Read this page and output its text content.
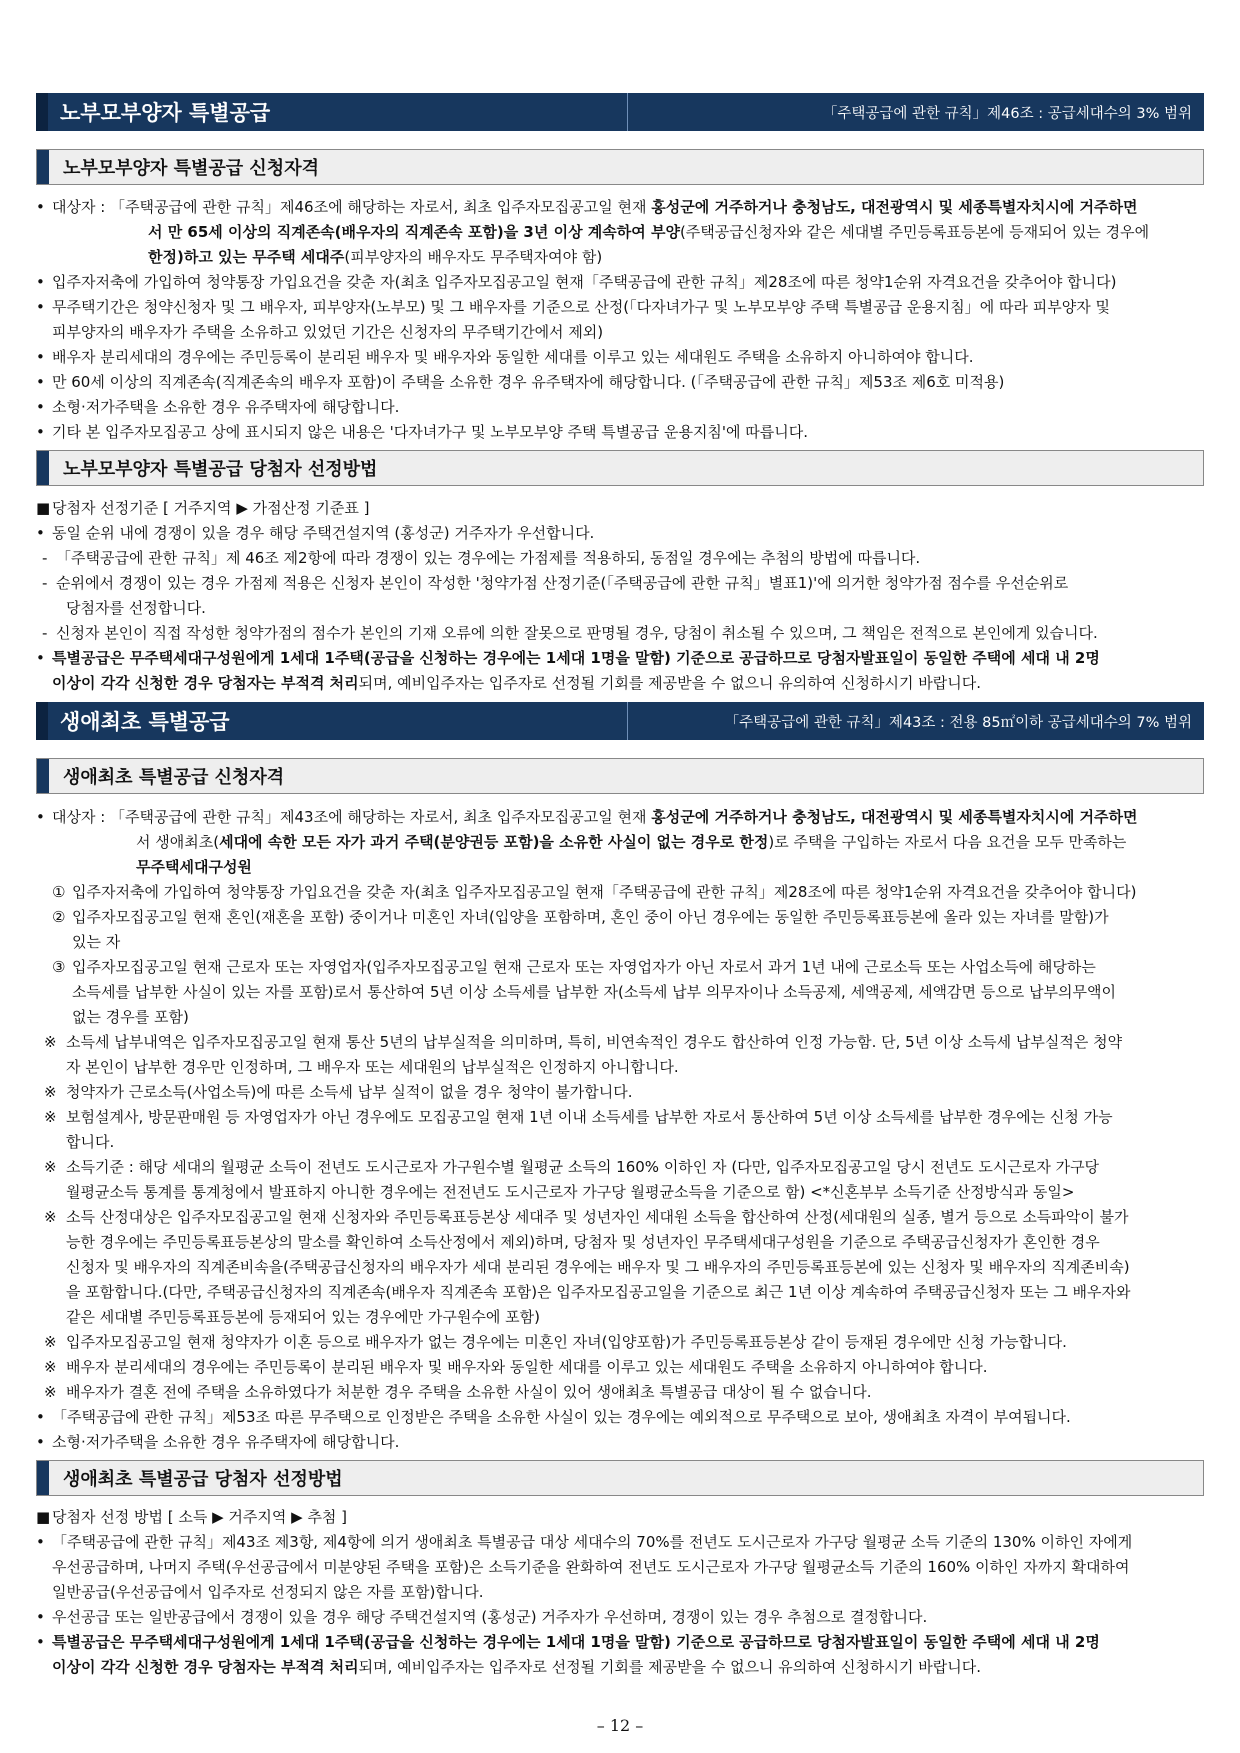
노부모부양자 특별공급	「주택공급에 관한 규칙」제46조 : 공급세대수의 3% 범위
노부모부양자 특별공급 신청자격
• 대상자 : 「주택공급에 관한 규칙」제46조에 해당하는 자로서, 최초 입주자모집공고일 현재 홍성군에 거주하거나 충청남도, 대전광역시 및 세종특별자치시에 거주하면
서 만 65세 이상의 직계존속(배우자의 직계존속 포함)을 3년 이상 계속하여 부양(주택공급신청자와 같은 세대별 주민등록표등본에 등재되어 있는 경우에
한정)하고 있는 무주택 세대주(피부양자의 배우자도 무주택자여야 함)
• 입주자저축에 가입하여 청약통장 가입요건을 갖춘 자(최초 입주자모집공고일 현재「주택공급에 관한 규칙」제28조에 따른 청약1순위 자격요건을 갖추어야 합니다)
• 무주택기간은 청약신청자 및 그 배우자, 피부양자(노부모) 및 그 배우자를 기준으로 산정(「다자녀가구 및 노부모부양 주택 특별공급 운용지침」에 따라 피부양자 및
피부양자의 배우자가 주택을 소유하고 있었던 기간은 신청자의 무주택기간에서 제외)
• 배우자 분리세대의 경우에는 주민등록이 분리된 배우자 및 배우자와 동일한 세대를 이루고 있는 세대원도 주택을 소유하지 아니하여야 합니다.
• 만 60세 이상의 직계존속(직계존속의 배우자 포함)이 주택을 소유한 경우 유주택자에 해당합니다. (「주택공급에 관한 규칙」제53조 제6호 미적용)
• 소형·저가주택을 소유한 경우 유주택자에 해당합니다.
• 기타 본 입주자모집공고 상에 표시되지 않은 내용은 '다자녀가구 및 노부모부양 주택 특별공급 운용지침'에 따릅니다.
노부모부양자 특별공급 당첨자 선정방법
■ 당첨자 선정기준 [ 거주지역 ▶ 가점산정 기준표 ]
• 동일 순위 내에 경쟁이 있을 경우 해당 주택건설지역 (홍성군) 거주자가 우선합니다.
- 「주택공급에 관한 규칙」제 46조 제2항에 따라 경쟁이 있는 경우에는 가점제를 적용하되, 동점일 경우에는 추첨의 방법에 따릅니다.
- 순위에서 경쟁이 있는 경우 가점제 적용은 신청자 본인이 작성한 '청약가점 산정기준(「주택공급에 관한 규칙」별표1)'에 의거한 청약가점 점수를 우선순위로
당첨자를 선정합니다.
- 신청자 본인이 직접 작성한 청약가점의 점수가 본인의 기재 오류에 의한 잘못으로 판명될 경우, 당첨이 취소될 수 있으며, 그 책임은 전적으로 본인에게 있습니다.
• 특별공급은 무주택세대구성원에게 1세대 1주택(공급을 신청하는 경우에는 1세대 1명을 말함) 기준으로 공급하므로 당첨자발표일이 동일한 주택에 세대 내 2명
이상이 각각 신청한 경우 당첨자는 부적격 처리되며, 예비입주자는 입주자로 선정될 기회를 제공받을 수 없으니 유의하여 신청하시기 바랍니다.
생애최초 특별공급	「주택공급에 관한 규칙」제43조 : 전용 85㎡이하 공급세대수의 7% 범위
생애최초 특별공급 신청자격
• 대상자 : 「주택공급에 관한 규칙」제43조에 해당하는 자로서, 최초 입주자모집공고일 현재 홍성군에 거주하거나 충청남도, 대전광역시 및 세종특별자치시에 거주하면
서 생애최초(세대에 속한 모든 자가 과거 주택(분양권등 포함)을 소유한 사실이 없는 경우로 한정)로 주택을 구입하는 자로서 다음 요건을 모두 만족하는
무주택세대구성원
① 입주자저축에 가입하여 청약통장 가입요건을 갖춘 자(최초 입주자모집공고일 현재「주택공급에 관한 규칙」제28조에 따른 청약1순위 자격요건을 갖추어야 합니다)
② 입주자모집공고일 현재 혼인(재혼을 포함) 중이거나 미혼인 자녀(입양을 포함하며, 혼인 중이 아닌 경우에는 동일한 주민등록표등본에 올라 있는 자녀를 말함)가
있는 자
③ 입주자모집공고일 현재 근로자 또는 자영업자(입주자모집공고일 현재 근로자 또는 자영업자가 아닌 자로서 과거 1년 내에 근로소득 또는 사업소득에 해당하는
소득세를 납부한 사실이 있는 자를 포함)로서 통산하여 5년 이상 소득세를 납부한 자(소득세 납부 의무자이나 소득공제, 세액공제, 세액감면 등으로 납부의무액이
없는 경우를 포함)
※ 소득세 납부내역은 입주자모집공고일 현재 통산 5년의 납부실적을 의미하며, 특히, 비연속적인 경우도 합산하여 인정 가능함. 단, 5년 이상 소득세 납부실적은 청약
자 본인이 납부한 경우만 인정하며, 그 배우자 또는 세대원의 납부실적은 인정하지 아니합니다.
※ 청약자가 근로소득(사업소득)에 따른 소득세 납부 실적이 없을 경우 청약이 불가합니다.
※ 보험설계사, 방문판매원 등 자영업자가 아닌 경우에도 모집공고일 현재 1년 이내 소득세를 납부한 자로서 통산하여 5년 이상 소득세를 납부한 경우에는 신청 가능
합니다.
※ 소득기준 : 해당 세대의 월평균 소득이 전년도 도시근로자 가구원수별 월평균 소득의 160% 이하인 자 (다만, 입주자모집공고일 당시 전년도 도시근로자 가구당
월평균소득 통계를 통계청에서 발표하지 아니한 경우에는 전전년도 도시근로자 가구당 월평균소득을 기준으로 함) <*신혼부부 소득기준 산정방식과 동일>
※ 소득 산정대상은 입주자모집공고일 현재 신청자와 주민등록표등본상 세대주 및 성년자인 세대원 소득을 합산하여 산정(세대원의 실종, 별거 등으로 소득파악이 불가
능한 경우에는 주민등록표등본상의 말소를 확인하여 소득산정에서 제외)하며, 당첨자 및 성년자인 무주택세대구성원을 기준으로 주택공급신청자가 혼인한 경우
신청자 및 배우자의 직계존비속을(주택공급신청자의 배우자가 세대 분리된 경우에는 배우자 및 그 배우자의 주민등록표등본에 있는 신청자 및 배우자의 직계존비속)
을 포함합니다.(다만, 주택공급신청자의 직계존속(배우자 직계존속 포함)은 입주자모집공고일을 기준으로 최근 1년 이상 계속하여 주택공급신청자 또는 그 배우자와
같은 세대별 주민등록표등본에 등재되어 있는 경우에만 가구원수에 포함)
※ 입주자모집공고일 현재 청약자가 이혼 등으로 배우자가 없는 경우에는 미혼인 자녀(입양포함)가 주민등록표등본상 같이 등재된 경우에만 신청 가능합니다.
※ 배우자 분리세대의 경우에는 주민등록이 분리된 배우자 및 배우자와 동일한 세대를 이루고 있는 세대원도 주택을 소유하지 아니하여야 합니다.
※ 배우자가 결혼 전에 주택을 소유하였다가 처분한 경우 주택을 소유한 사실이 있어 생애최초 특별공급 대상이 될 수 없습니다.
• 「주택공급에 관한 규칙」제53조 따른 무주택으로 인정받은 주택을 소유한 사실이 있는 경우에는 예외적으로 무주택으로 보아, 생애최초 자격이 부여됩니다.
• 소형·저가주택을 소유한 경우 유주택자에 해당합니다.
생애최초 특별공급 당첨자 선정방법
■ 당첨자 선정 방법 [ 소득 ▶ 거주지역 ▶ 추첨 ]
• 「주택공급에 관한 규칙」제43조 제3항, 제4항에 의거 생애최초 특별공급 대상 세대수의 70%를 전년도 도시근로자 가구당 월평균 소득 기준의 130% 이하인 자에게
우선공급하며, 나머지 주택(우선공급에서 미분양된 주택을 포함)은 소득기준을 완화하여 전년도 도시근로자 가구당 월평균소득 기준의 160% 이하인 자까지 확대하여
일반공급(우선공급에서 입주자로 선정되지 않은 자를 포함)합니다.
• 우선공급 또는 일반공급에서 경쟁이 있을 경우 해당 주택건설지역 (홍성군) 거주자가 우선하며, 경쟁이 있는 경우 추첨으로 결정합니다.
• 특별공급은 무주택세대구성원에게 1세대 1주택(공급을 신청하는 경우에는 1세대 1명을 말함) 기준으로 공급하므로 당첨자발표일이 동일한 주택에 세대 내 2명
이상이 각각 신청한 경우 당첨자는 부적격 처리되며, 예비입주자는 입주자로 선정될 기회를 제공받을 수 없으니 유의하여 신청하시기 바랍니다.
– 12 –
